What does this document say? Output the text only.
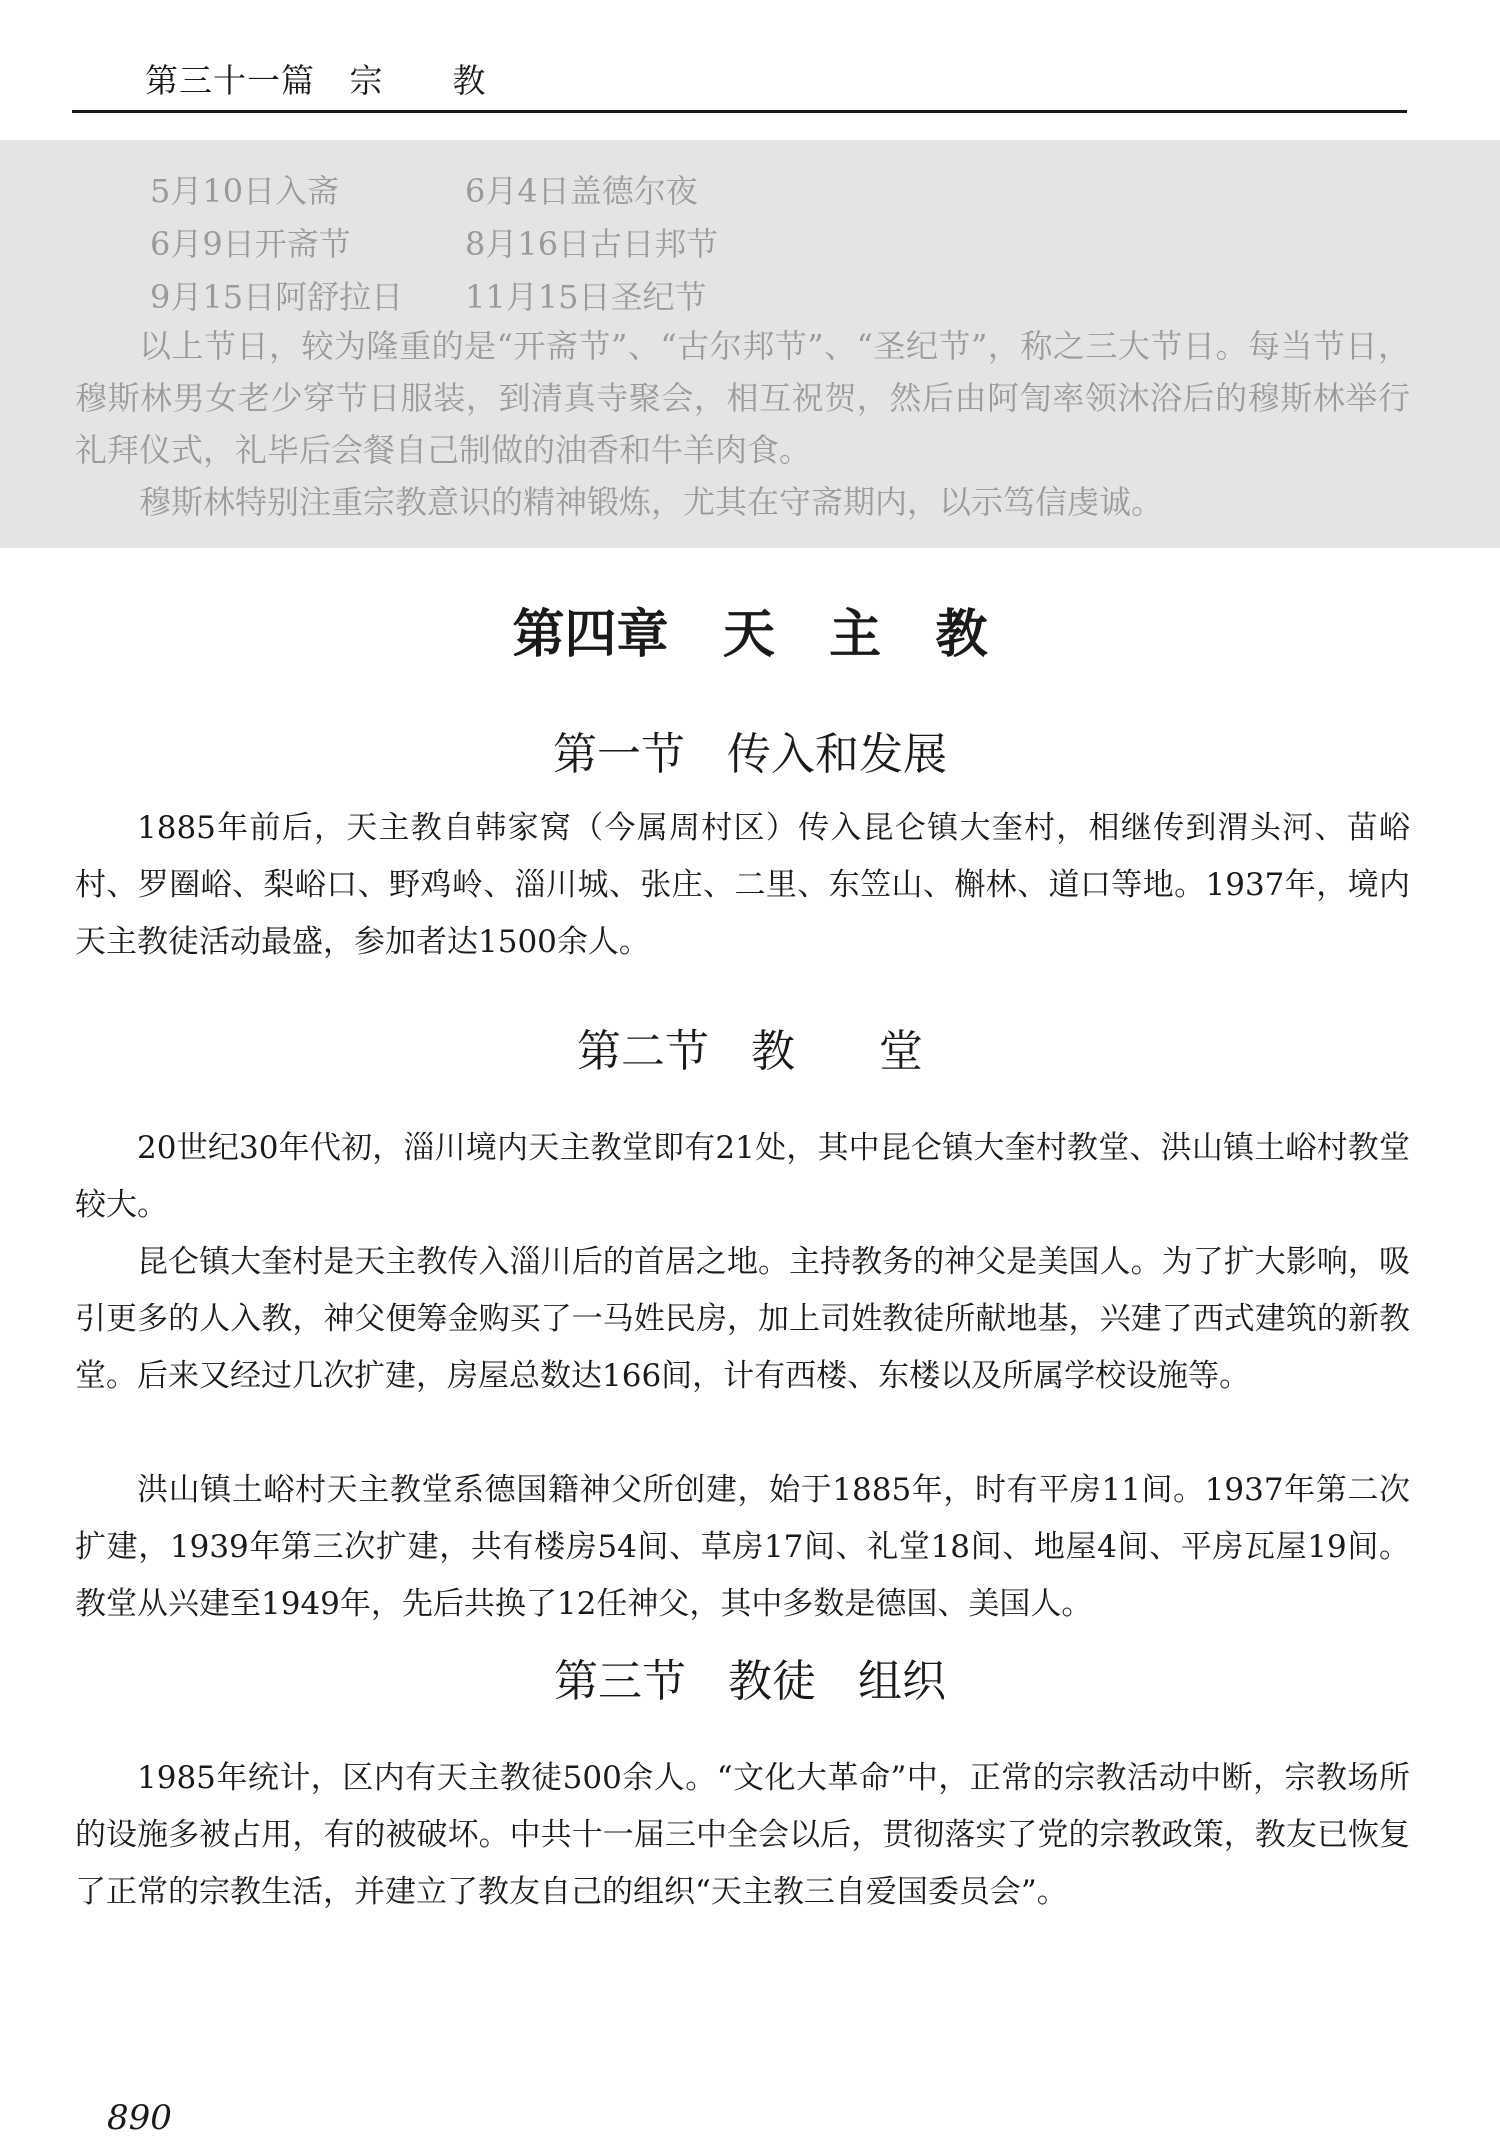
第三十一篇   宗      教
5月10日入斋	6月4日盖德尔夜
6月9日开斋节	8月16日古日邦节
9月15日阿舒拉日 11月15日圣纪节
以上节日，较为隆重的是“开斋节”、“古尔邦节”、“圣纪节”，称之三大节日。每当节日，穆斯林男女老少穿节日服装，到清真寺聚会，相互祝贺，然后由阿訇率领沐浴后的穆斯林举行礼拜仪式，礼毕后会餐自己制做的油香和牛羊肉食。
穆斯林特别注重宗教意识的精神锻炼，尤其在守斋期内，以示笃信虔诚。
第四章   天   主   教
第一节   传入和发展
1885年前后，天主教自韩家窝（今属周村区）传入昆仑镇大奎村，相继传到渭头河、苗峪村、罗圈峪、梨峪口、野鸡岭、淄川城、张庄、二里、东笠山、槲林、道口等地。1937年，境内天主教徒活动最盛，参加者达1500余人。
第二节   教      堂
20世纪30年代初，淄川境内天主教堂即有21处，其中昆仑镇大奎村教堂、洪山镇土峪村教堂较大。
昆仑镇大奎村是天主教传入淄川后的首居之地。主持教务的神父是美国人。为了扩大影响，吸引更多的人入教，神父便筹金购买了一马姓民房，加上司姓教徒所献地基，兴建了西式建筑的新教堂。后来又经过几次扩建，房屋总数达166间，计有西楼、东楼以及所属学校设施等。
洪山镇土峪村天主教堂系德国籍神父所创建，始于1885年，时有平房11间。1937年第二次扩建，1939年第三次扩建，共有楼房54间、草房17间、礼堂18间、地屋4间、平房瓦屋19间。教堂从兴建至1949年，先后共换了12任神父，其中多数是德国、美国人。
第三节   教徒   组织
1985年统计，区内有天主教徒500余人。“文化大革命”中，正常的宗教活动中断，宗教场所的设施多被占用，有的被破坏。中共十一届三中全会以后，贯彻落实了党的宗教政策，教友已恢复了正常的宗教生活，并建立了教友自己的组织“天主教三自爱国委员会”。
890
